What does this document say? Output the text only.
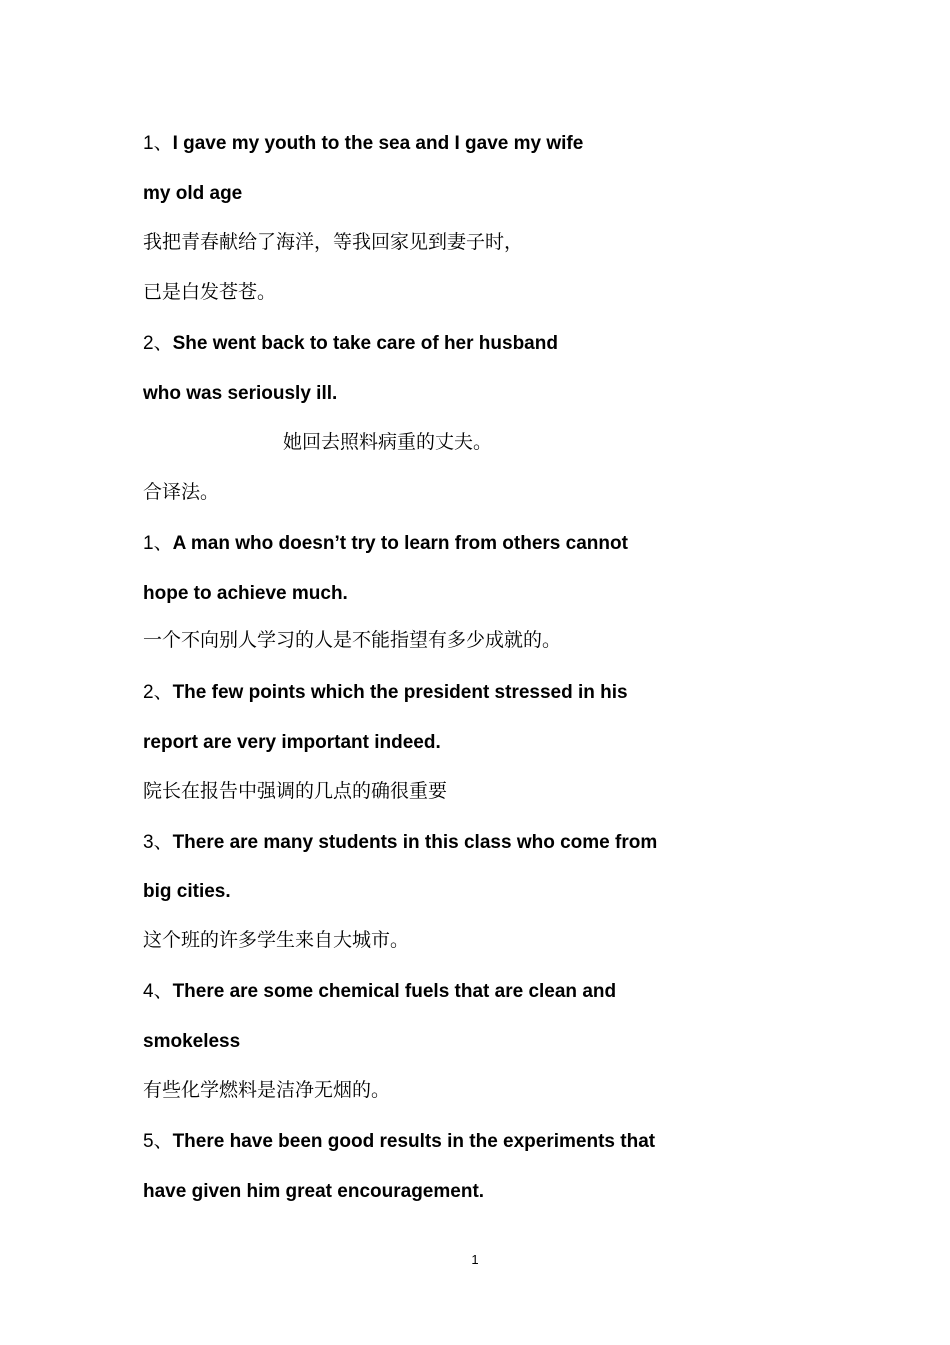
1、I gave my youth to the sea and I gave my wife
my old age
我把青春献给了海洋，等我回家见到妻子时，
已是白发苍苍。
2、She went back to take care of her husband
who was seriously ill.
她回去照料病重的丈夫。
合译法。
1、A man who doesn’t try to learn from others cannot
hope to achieve much.
一个不向别人学习的人是不能指望有多少成就的。
2、The few points which the president stressed in his
report are very important indeed.
院长在报告中强调的几点的确很重要
3、There are many students in this class who come from
big cities.
这个班的许多学生来自大城市。
4、There are some chemical fuels that are clean and
smokeless
有些化学燃料是洁净无烟的。
5、There have been good results in the experiments that
have given him great encouragement.
1
